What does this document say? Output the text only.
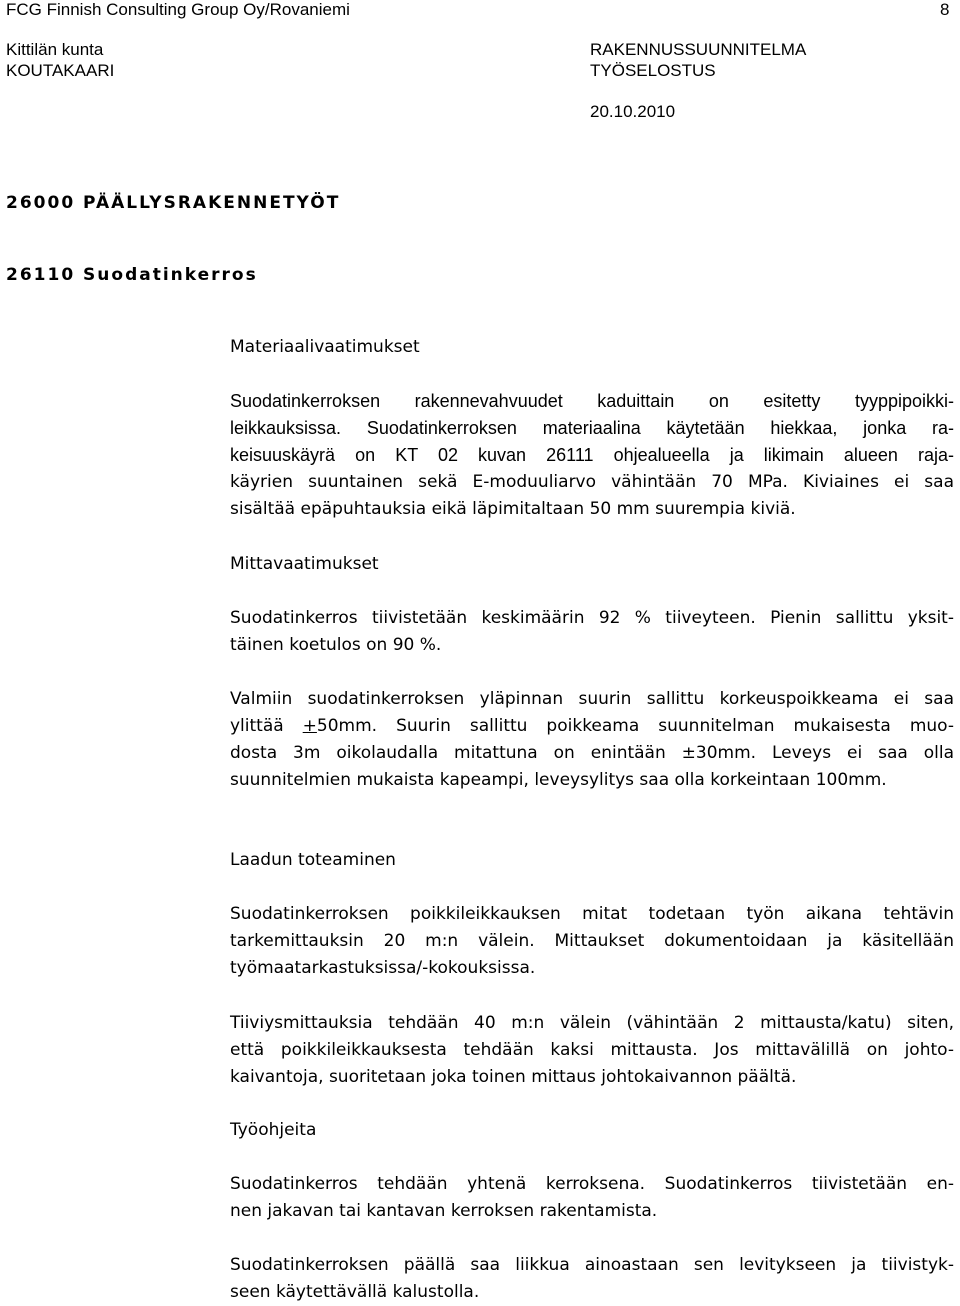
FCG Finnish Consulting Group Oy/Rovaniemi	8
Kittilän kunta
KOUTAKAARI
RAKENNUSSUUNNITELMA
TYÖSELOSTUS
20.10.2010
26000 PÄÄLLYSRAKENNETYÖT
26110 Suodatinkerros
Materiaalivaatimukset
Suodatinkerroksen rakennevahvuudet kaduittain on esitetty tyyppipoikki-
leikkauksissa. Suodatinkerroksen materiaalina käytetään hiekkaa, jonka ra-
keisuuskäyrä on KT 02 kuvan 26111 ohjealueella ja likimain alueen raja-
käyrien suuntainen sekä E-moduuliarvo vähintään 70 MPa. Kiviaines ei saa
sisältää epäpuhtauksia eikä läpimitaltaan 50 mm suurempia kiviä.
Mittavaatimukset
Suodatinkerros tiivistetään keskimäärin 92 % tiiveyteen. Pienin sallittu yksit-
täinen koetulos on 90 %.
Valmiin suodatinkerroksen yläpinnan suurin sallittu korkeuspoikkeama ei saa
ylittää +50mm. Suurin sallittu poikkeama suunnitelman mukaisesta muo-
dosta 3m oikolaudalla mitattuna on enintään ±30mm. Leveys ei saa olla
suunnitelmien mukaista kapeampi, leveysylitys saa olla korkeintaan 100mm.
Laadun toteaminen
Suodatinkerroksen poikkileikkauksen mitat todetaan työn aikana tehtävin
tarkemittauksin 20 m:n välein. Mittaukset dokumentoidaan ja käsitellään
työmaatarkastuksissa/-kokouksissa.
Tiiviysmittauksia tehdään 40 m:n välein (vähintään 2 mittausta/katu) siten,
että poikkileikkauksesta tehdään kaksi mittausta. Jos mittavälillä on johto-
kaivantoja, suoritetaan joka toinen mittaus johtokaivannon päältä.
Työohjeita
Suodatinkerros tehdään yhtenä kerroksena. Suodatinkerros tiivistetään en-
nen jakavan tai kantavan kerroksen rakentamista.
Suodatinkerroksen päällä saa liikkua ainoastaan sen levitykseen ja tiivistyk-
seen käytettävällä kalustolla.
